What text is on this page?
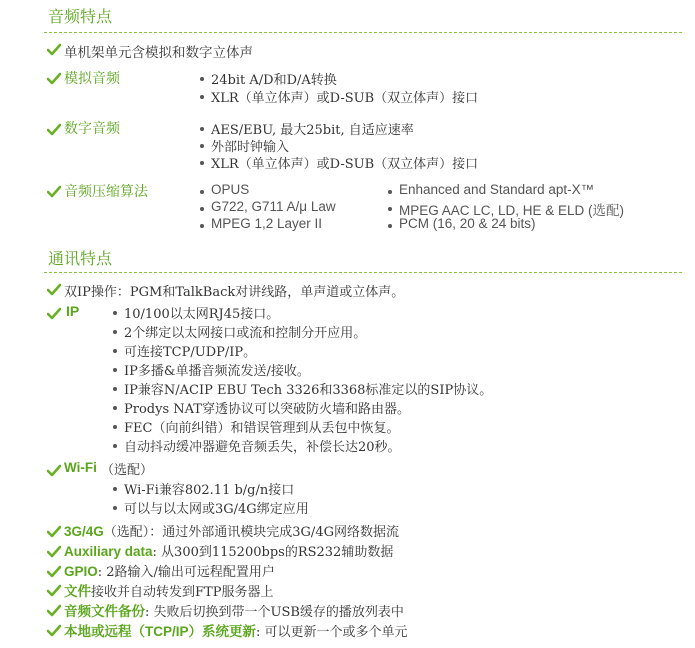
音频特点
单机架单元含模拟和数字立体声
模拟音频	24bit A/D和D/A转换
XLR（单立体声）或D-SUB（双立体声）接口
数字音频	AES/EBU, 最大25bit, 自适应速率
外部时钟输入
XLR（单立体声）或D-SUB（双立体声）接口
音频压缩算法	OPUS
G722, G711 A/μ Law
MPEG 1,2 Layer II
Enhanced and Standard apt-X™
MPEG AAC LC, LD, HE & ELD (选配)
PCM (16, 20 & 24 bits)
通讯特点
双IP操作：PGM和TalkBack对讲线路，单声道或立体声。
IP	10/100以太网RJ45接口。
2个绑定以太网接口或流和控制分开应用。
可连接TCP/UDP/IP。
IP多播&单播音频流发送/接收。
IP兼容N/ACIP EBU Tech 3326和3368标准定以的SIP协议。
Prodys NAT穿透协议可以突破防火墙和路由器。
FEC（向前纠错）和错误管理到从丢包中恢复。
自动抖动缓冲器避免音频丢失，补偿长达20秒。
Wi-Fi （选配）
Wi-Fi兼容802.11 b/g/n接口
可以与以太网或3G/4G绑定应用
3G/4G（选配）：通过外部通讯模块完成3G/4G网络数据流
Auxiliary data: 从300到115200bps的RS232辅助数据
GPIO: 2路输入/输出可远程配置用户
文件接收并自动转发到FTP服务器上
音频文件备份: 失败后切换到带一个USB缓存的播放列表中
本地或远程（TCP/IP）系统更新: 可以更新一个或多个单元
